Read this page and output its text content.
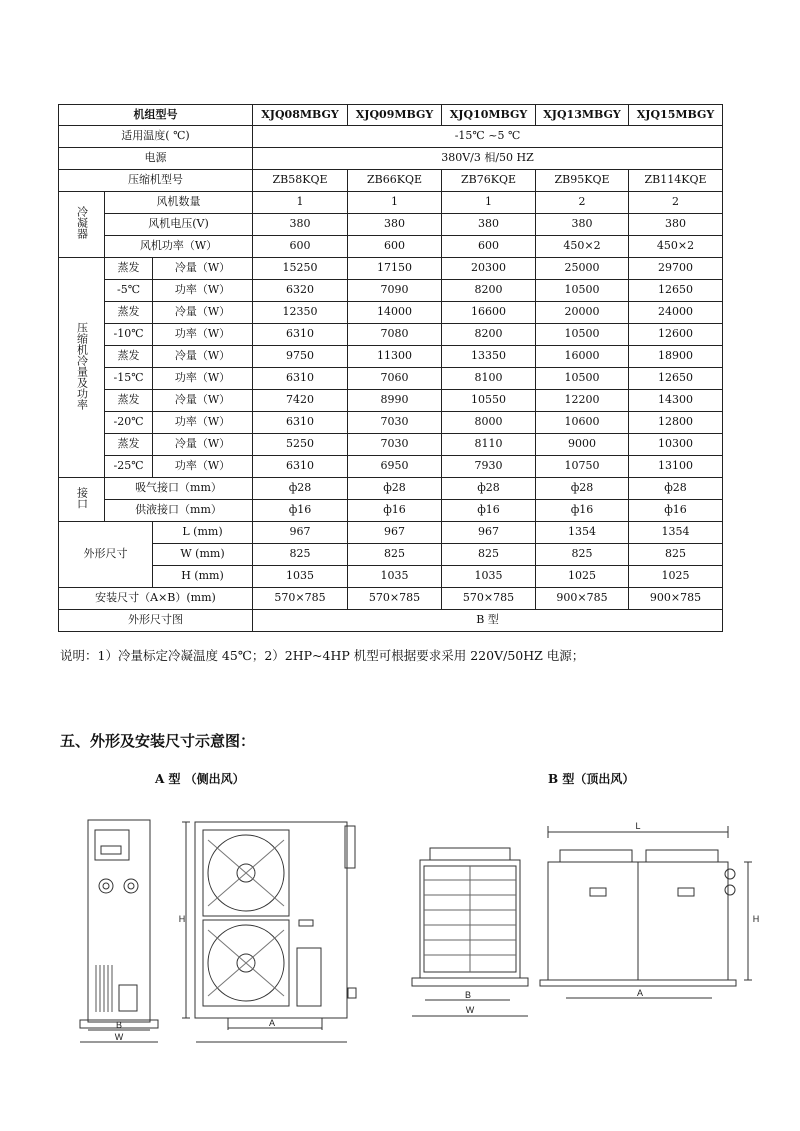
机组型号			XJQ08MBGY	XJQ09MBGY	XJQ10MBGY	XJQ13MBGY	XJQ15MBGY
适用温度( ℃)			-15℃ ~5 ℃				
电源			380V/3 相/50 HZ				
压缩机型号			ZB58KQE	ZB66KQE	ZB76KQE	ZB95KQE	ZB114KQE
冷凝器	风机数量		1	1	1	2	2
	风机电压(V)		380	380	380	380	380
	风机功率（W）		600	600	600	450×2	450×2
压缩机冷量及功率	蒸发	冷量（W）	15250	17150	20300	25000	29700
	-5℃	功率（W）	6320	7090	8200	10500	12650
	蒸发	冷量（W）	12350	14000	16600	20000	24000
	-10℃	功率（W）	6310	7080	8200	10500	12600
	蒸发	冷量（W）	9750	11300	13350	16000	18900
	-15℃	功率（W）	6310	7060	8100	10500	12650
	蒸发	冷量（W）	7420	8990	10550	12200	14300
	-20℃	功率（W）	6310	7030	8000	10600	12800
	蒸发	冷量（W）	5250	7030	8110	9000	10300
	-25℃	功率（W）	6310	6950	7930	10750	13100
接口	吸气接口（mm）		ф28	ф28	ф28	ф28	ф28
	供液接口（mm）		ф16	ф16	ф16	ф16	ф16
外形尺寸		L (mm)	967	967	967	1354	1354
		W (mm)	825	825	825	825	825
		H (mm)	1035	1035	1035	1025	1025
安装尺寸（A×B）(mm)			570×785	570×785	570×785	900×785	900×785
外形尺寸图			B 型				
说明：1）冷量标定冷凝温度 45℃；2）2HP~4HP 机型可根据要求采用 220V/50HZ 电源；
五、外形及安装尺寸示意图：
A 型 （侧出风）	B 型（顶出风）
B
W
A
H
B
W
L
A
H
